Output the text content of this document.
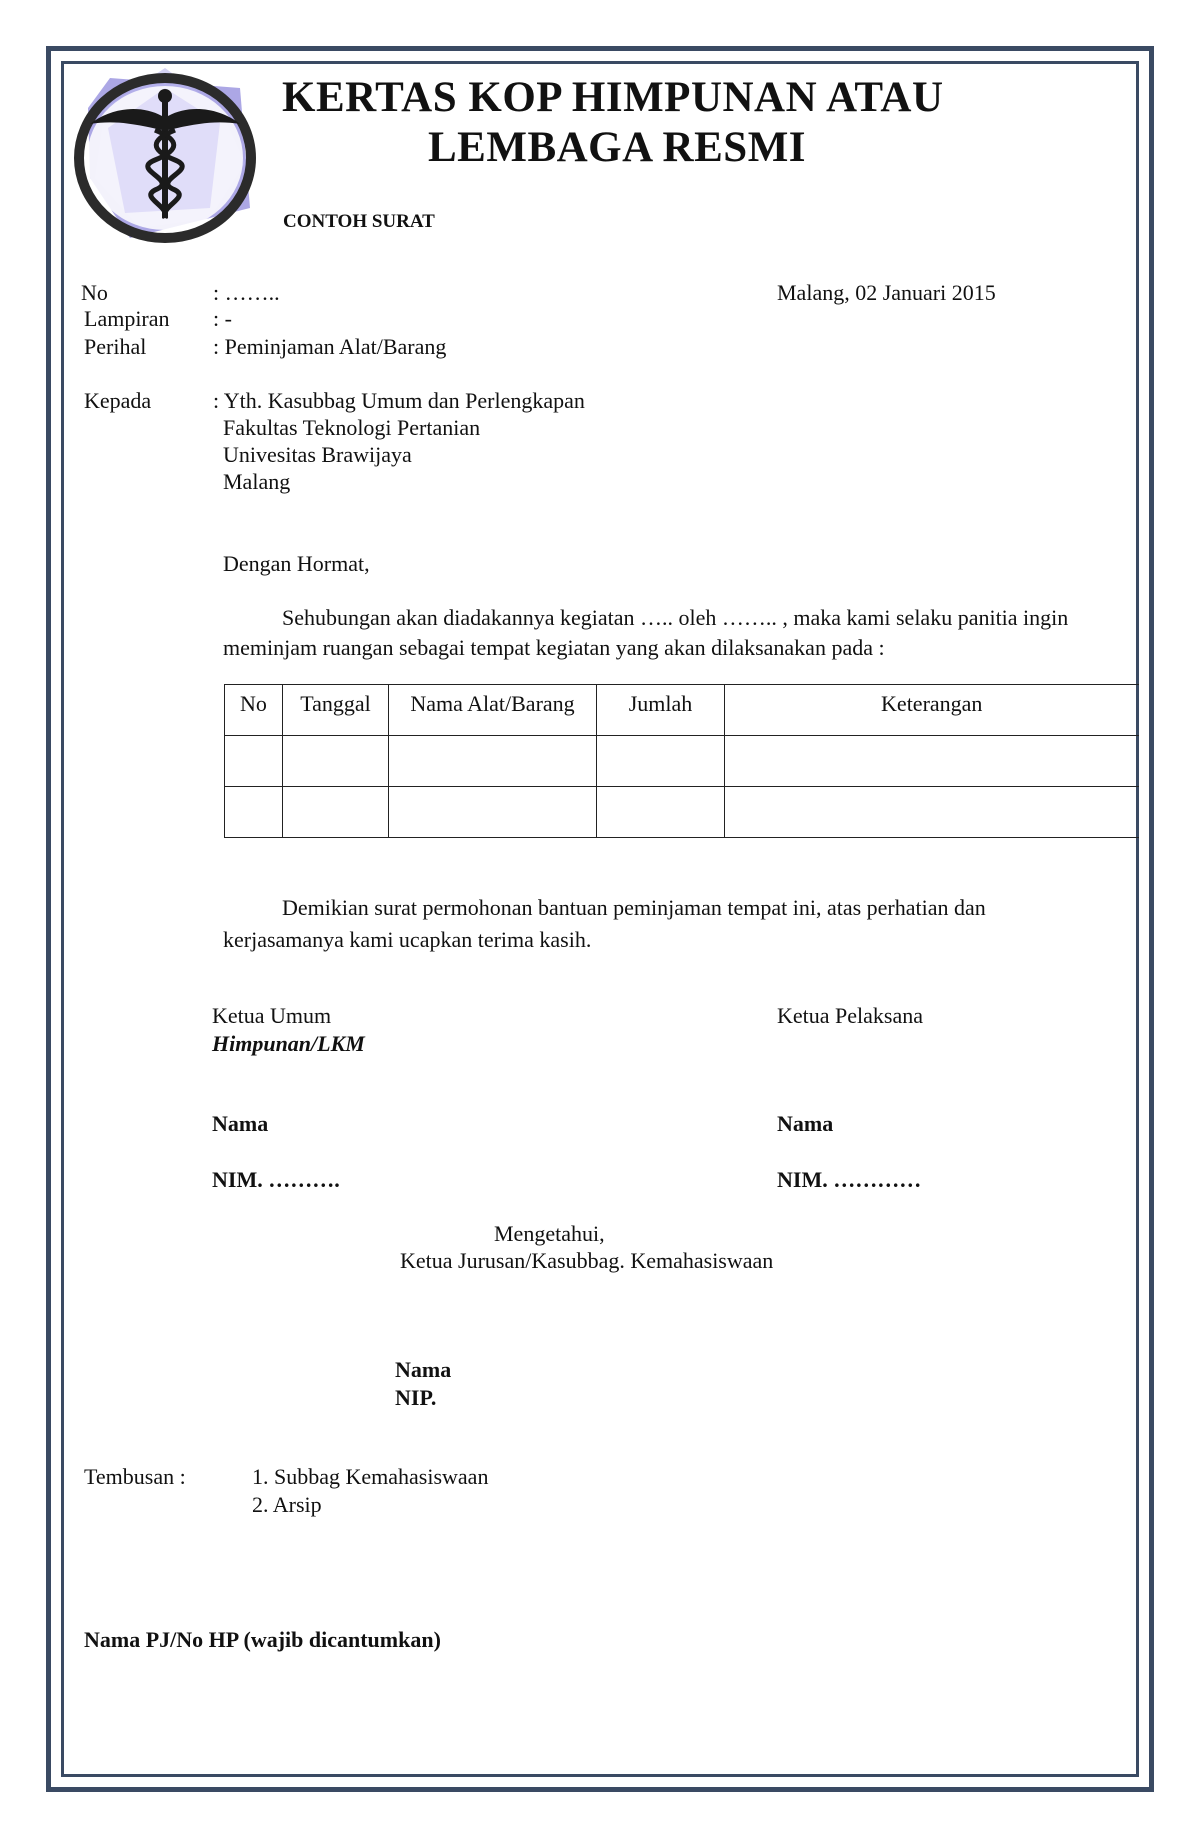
KERTAS KOP HIMPUNAN ATAU
LEMBAGA RESMI
CONTOH SURAT
No	: ……..
Lampiran : -
Perihal	: Peminjaman Alat/Barang
Malang, 02 Januari 2015
Kepada	: Yth. Kasubbag Umum dan Perlengkapan
Fakultas Teknologi Pertanian
Univesitas Brawijaya
Malang
Dengan Hormat,
Sehubungan akan diadakannya kegiatan ….. oleh …….. , maka kami selaku panitia ingin
meminjam ruangan sebagai tempat kegiatan yang akan dilaksanakan pada :
No	Tanggal	Nama Alat/Barang	Jumlah	Keterangan

Demikian surat permohonan bantuan peminjaman tempat ini, atas perhatian dan
kerjasamanya kami ucapkan terima kasih.
Ketua Umum
Himpunan/LKM
Nama
NIM. ……….
Ketua Pelaksana
Nama
NIM. …………
Mengetahui,
Ketua Jurusan/Kasubbag. Kemahasiswaan
Nama
NIP.
Tembusan :	1. Subbag Kemahasiswaan
2. Arsip
Nama PJ/No HP (wajib dicantumkan)
